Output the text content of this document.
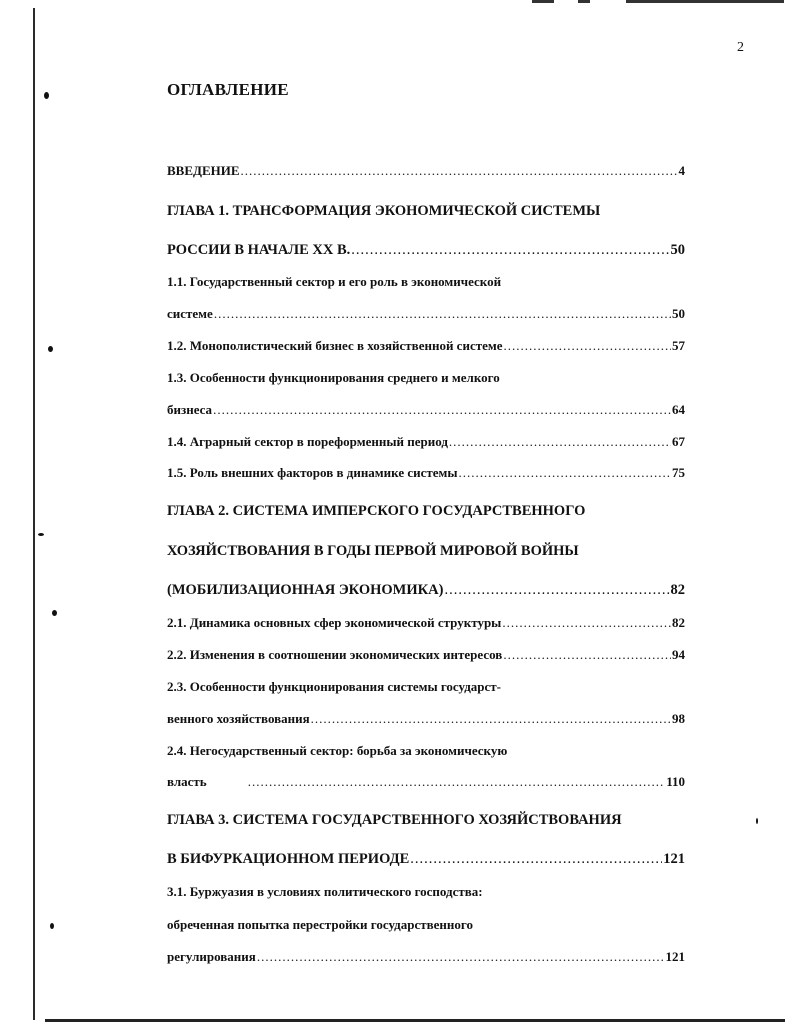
2
ОГЛАВЛЕНИЕ
ВВЕДЕНИЕ .....	4
ГЛАВА 1. ТРАНСФОРМАЦИЯ ЭКОНОМИЧЕСКОЙ СИСТЕМЫ
РОССИИ В НАЧАЛЕ XX В. .....	50
1.1. Государственный сектор и его роль в экономической
системе .....	50
1.2. Монополистический бизнес в хозяйственной системе .....	57
1.3. Особенности функционирования среднего и мелкого
бизнеса .....	64
1.4. Аграрный сектор в пореформенный период .....	67
1.5. Роль внешних факторов в динамике системы .....	75
ГЛАВА 2. СИСТЕМА ИМПЕРСКОГО ГОСУДАРСТВЕННОГО
ХОЗЯЙСТВОВАНИЯ В ГОДЫ ПЕРВОЙ МИРОВОЙ ВОЙНЫ
(МОБИЛИЗАЦИОННАЯ ЭКОНОМИКА) .....	82
2.1. Динамика основных сфер экономической структуры .....	82
2.2. Изменения в соотношении экономических интересов .....	94
2.3. Особенности функционирования системы государст-
венного хозяйствования .....	98
2.4. Негосударственный сектор: борьба за экономическую
власть .....	110
ГЛАВА 3. СИСТЕМА ГОСУДАРСТВЕННОГО ХОЗЯЙСТВОВАНИЯ
В БИФУРКАЦИОННОМ ПЕРИОДЕ .....	121
3.1. Буржуазия в условиях политического господства:
обреченная попытка перестройки государственного
регулирования .....	121
